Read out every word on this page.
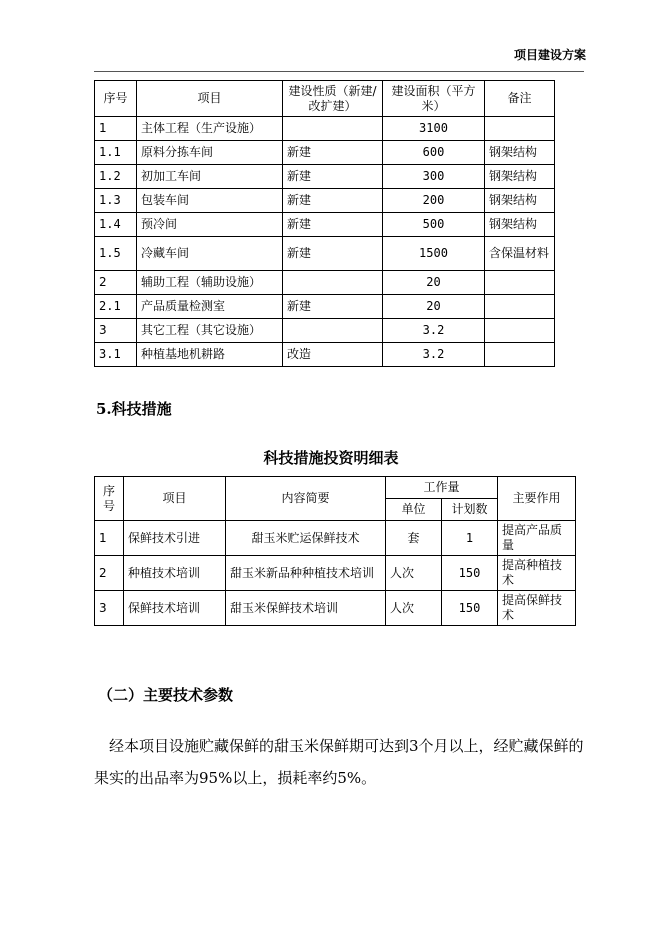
项目建设方案
序号	项目	建设性质（新建/改扩建）	建设面积（平方米）	备注
1	主体工程（生产设施）		3100	
1.1	原料分拣车间	新建	600	钢架结构
1.2	初加工车间	新建	300	钢架结构
1.3	包装车间	新建	200	钢架结构
1.4	预冷间	新建	500	钢架结构
1.5	冷藏车间	新建	1500	含保温材料
2	辅助工程（辅助设施）		20	
2.1	产品质量检测室	新建	20	
3	其它工程（其它设施）		3.2	
3.1	种植基地机耕路	改造	3.2	
5.科技措施
科技措施投资明细表
序号	项目	内容简要	工作量		主要作用
			单位	计划数	
1	保鲜技术引进	甜玉米贮运保鲜技术	套	1	提高产品质量
2	种植技术培训	甜玉米新品种种植技术培训	人次	150	提高种植技术
3	保鲜技术培训	甜玉米保鲜技术培训	人次	150	提高保鲜技术
（二）主要技术参数
经本项目设施贮藏保鲜的甜玉米保鲜期可达到3个月以上，经贮藏保鲜的果实的出品率为95%以上，损耗率约5%。
